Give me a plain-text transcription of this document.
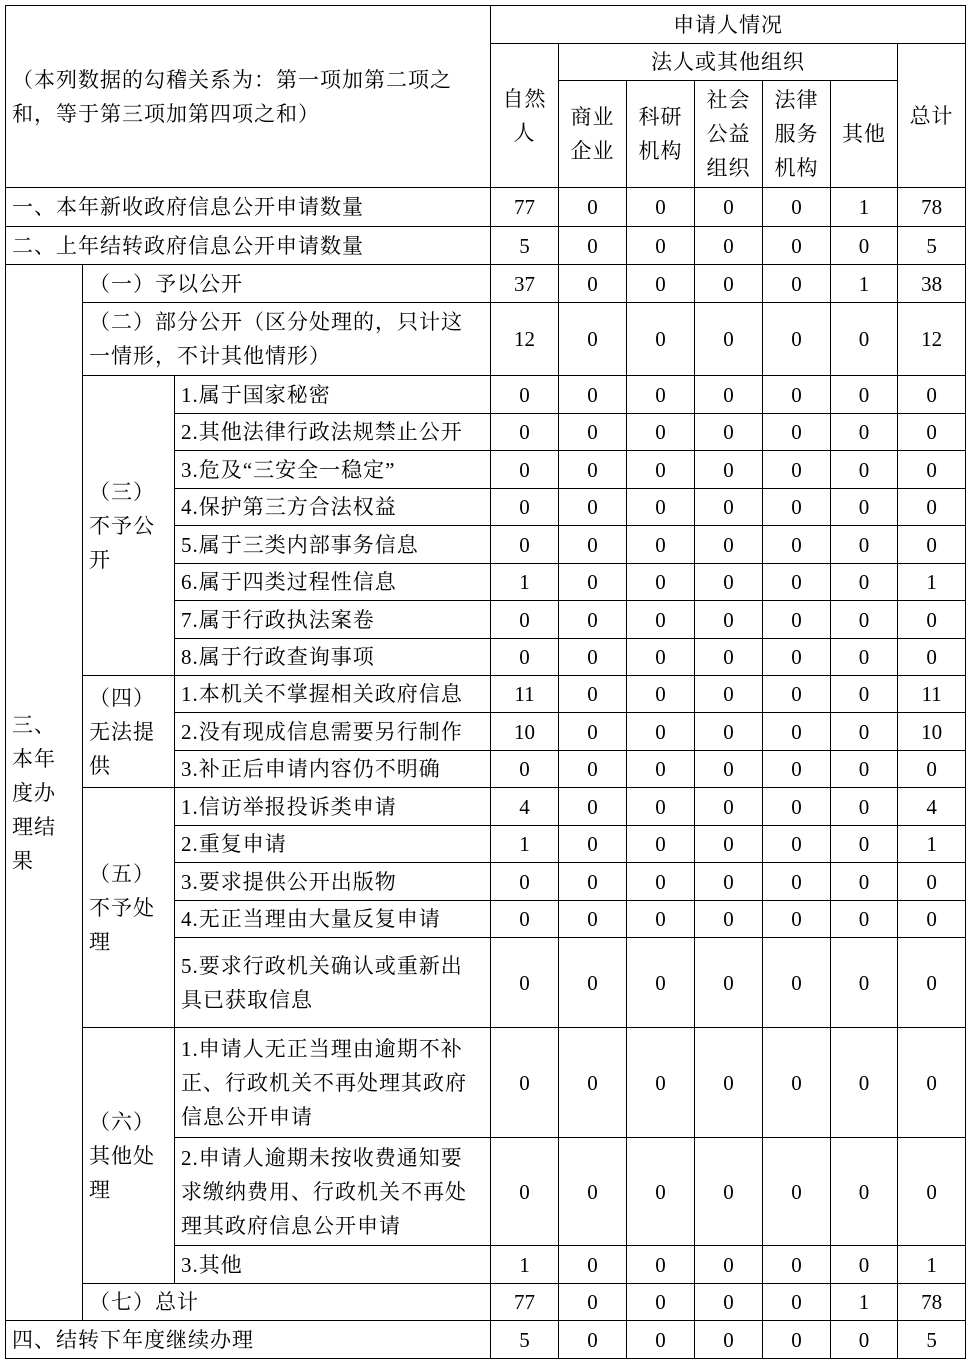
（本列数据的勾稽关系为：第一项加第二项之和，等于第三项加第四项之和）			申请人情况						
			自然人	法人或其他组织					总计
				商业企业	科研机构	社会公益组织	法律服务机构	其他	
一、本年新收政府信息公开申请数量			77	0	0	0	0	1	78
二、上年结转政府信息公开申请数量			5	0	0	0	0	0	5
三、本年度办理结果	（一）予以公开		37	0	0	0	0	1	38
	（二）部分公开（区分处理的，只计这一情形，不计其他情形）		12	0	0	0	0	0	12
	（三）不予公开	1.属于国家秘密	0	0	0	0	0	0	0
		2.其他法律行政法规禁止公开	0	0	0	0	0	0	0
		3.危及“三安全一稳定”	0	0	0	0	0	0	0
		4.保护第三方合法权益	0	0	0	0	0	0	0
		5.属于三类内部事务信息	0	0	0	0	0	0	0
		6.属于四类过程性信息	1	0	0	0	0	0	1
		7.属于行政执法案卷	0	0	0	0	0	0	0
		8.属于行政查询事项	0	0	0	0	0	0	0
	（四）无法提供	1.本机关不掌握相关政府信息	11	0	0	0	0	0	11
		2.没有现成信息需要另行制作	10	0	0	0	0	0	10
		3.补正后申请内容仍不明确	0	0	0	0	0	0	0
	（五）不予处理	1.信访举报投诉类申请	4	0	0	0	0	0	4
		2.重复申请	1	0	0	0	0	0	1
		3.要求提供公开出版物	0	0	0	0	0	0	0
		4.无正当理由大量反复申请	0	0	0	0	0	0	0
		5.要求行政机关确认或重新出具已获取信息	0	0	0	0	0	0	0
	（六）其他处理	1.申请人无正当理由逾期不补正、行政机关不再处理其政府信息公开申请	0	0	0	0	0	0	0
		2.申请人逾期未按收费通知要求缴纳费用、行政机关不再处理其政府信息公开申请	0	0	0	0	0	0	0
		3.其他	1	0	0	0	0	0	1
	（七）总计		77	0	0	0	0	1	78
四、结转下年度继续办理			5	0	0	0	0	0	5
